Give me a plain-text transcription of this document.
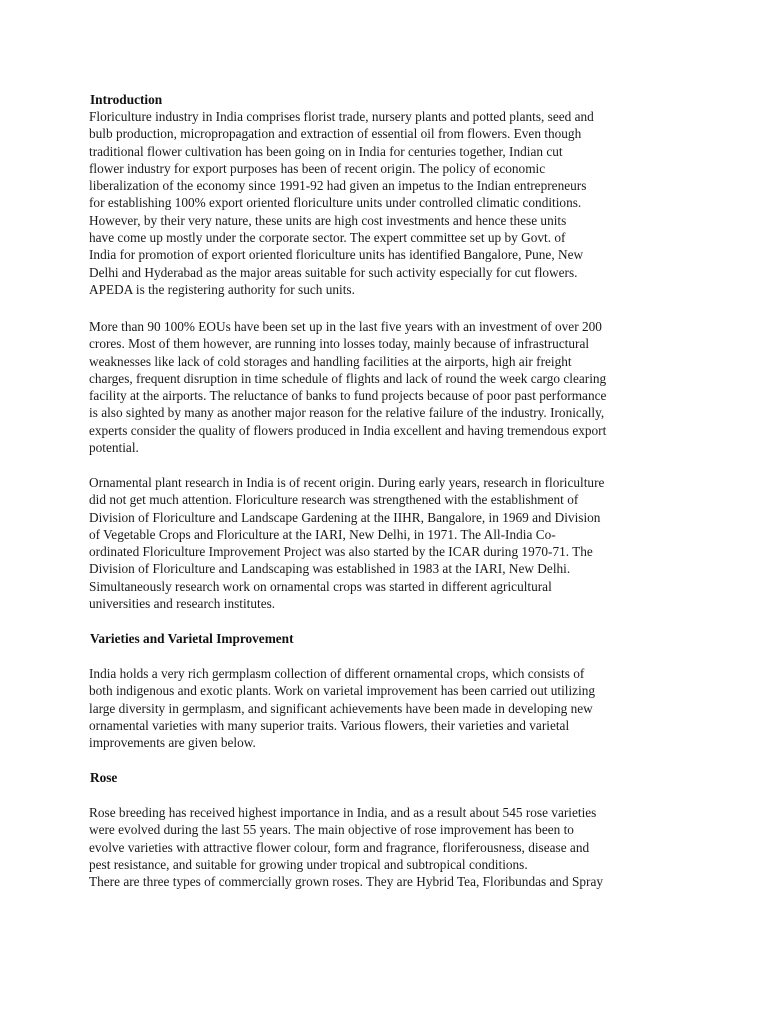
Introduction
Floriculture industry in India comprises florist trade, nursery plants and potted plants, seed and
bulb production, micropropagation and extraction of essential oil from flowers. Even though
traditional flower cultivation has been going on in India for centuries together, Indian cut
flower industry for export purposes has been of recent origin. The policy of economic
liberalization of the economy since 1991-92 had given an impetus to the Indian entrepreneurs
for establishing 100% export oriented floriculture units under controlled climatic conditions.
However, by their very nature, these units are high cost investments and hence these units
have come up mostly under the corporate sector. The expert committee set up by Govt. of
India for promotion of export oriented floriculture units has identified Bangalore, Pune, New
Delhi and Hyderabad as the major areas suitable for such activity especially for cut flowers.
APEDA is the registering authority for such units.
More than 90 100% EOUs have been set up in the last five years with an investment of over 200
crores. Most of them however, are running into losses today, mainly because of infrastructural
weaknesses like lack of cold storages and handling facilities at the airports, high air freight
charges, frequent disruption in time schedule of flights and lack of round the week cargo clearing
facility at the airports. The reluctance of banks to fund projects because of poor past performance
is also sighted by many as another major reason for the relative failure of the industry. Ironically,
experts consider the quality of flowers produced in India excellent and having tremendous export
potential.
Ornamental plant research in India is of recent origin. During early years, research in floriculture
did not get much attention. Floriculture research was strengthened with the establishment of
Division of Floriculture and Landscape Gardening at the IIHR, Bangalore, in 1969 and Division
of Vegetable Crops and Floriculture at the IARI, New Delhi, in 1971. The All-India Co-
ordinated Floriculture Improvement Project was also started by the ICAR during 1970-71. The
Division of Floriculture and Landscaping was established in 1983 at the IARI, New Delhi.
Simultaneously research work on ornamental crops was started in different agricultural
universities and research institutes.
Varieties and Varietal Improvement
India holds a very rich germplasm collection of different ornamental crops, which consists of
both indigenous and exotic plants. Work on varietal improvement has been carried out utilizing
large diversity in germplasm, and significant achievements have been made in developing new
ornamental varieties with many superior traits. Various flowers, their varieties and varietal
improvements are given below.
Rose
Rose breeding has received highest importance in India, and as a result about 545 rose varieties
were evolved during the last 55 years. The main objective of rose improvement has been to
evolve varieties with attractive flower colour, form and fragrance, floriferousness, disease and
pest resistance, and suitable for growing under tropical and subtropical conditions.
There are three types of commercially grown roses. They are Hybrid Tea, Floribundas and Spray
